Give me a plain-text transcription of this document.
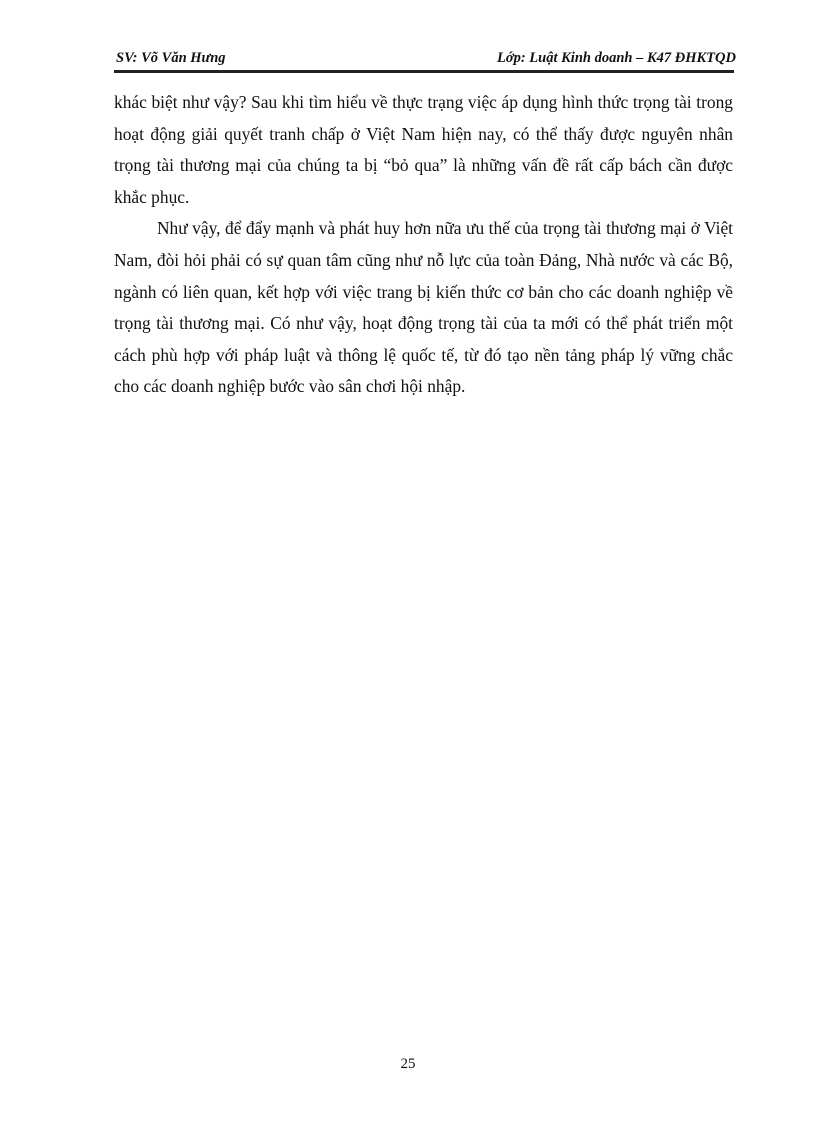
SV: Võ Văn Hưng	Lớp: Luật Kinh doanh – K47 ĐHKTQD

khác biệt như vậy? Sau khi tìm hiểu về thực trạng việc áp dụng hình thức trọng tài trong hoạt động giải quyết tranh chấp ở Việt Nam hiện nay, có thể thấy được nguyên nhân trọng tài thương mại của chúng ta bị “bỏ qua” là những vấn đề rất cấp bách cần được khắc phục.

Như vậy, để đẩy mạnh và phát huy hơn nữa ưu thế của trọng tài thương mại ở Việt Nam, đòi hỏi phải có sự quan tâm cũng như nỗ lực của toàn Đảng, Nhà nước và các Bộ, ngành có liên quan, kết hợp với việc trang bị kiến thức cơ bản cho các doanh nghiệp về trọng tài thương mại. Có như vậy, hoạt động trọng tài của ta mới có thể phát triển một cách phù hợp với pháp luật và thông lệ quốc tế, từ đó tạo nền tảng pháp lý vững chắc cho các doanh nghiệp bước vào sân chơi hội nhập.

25
